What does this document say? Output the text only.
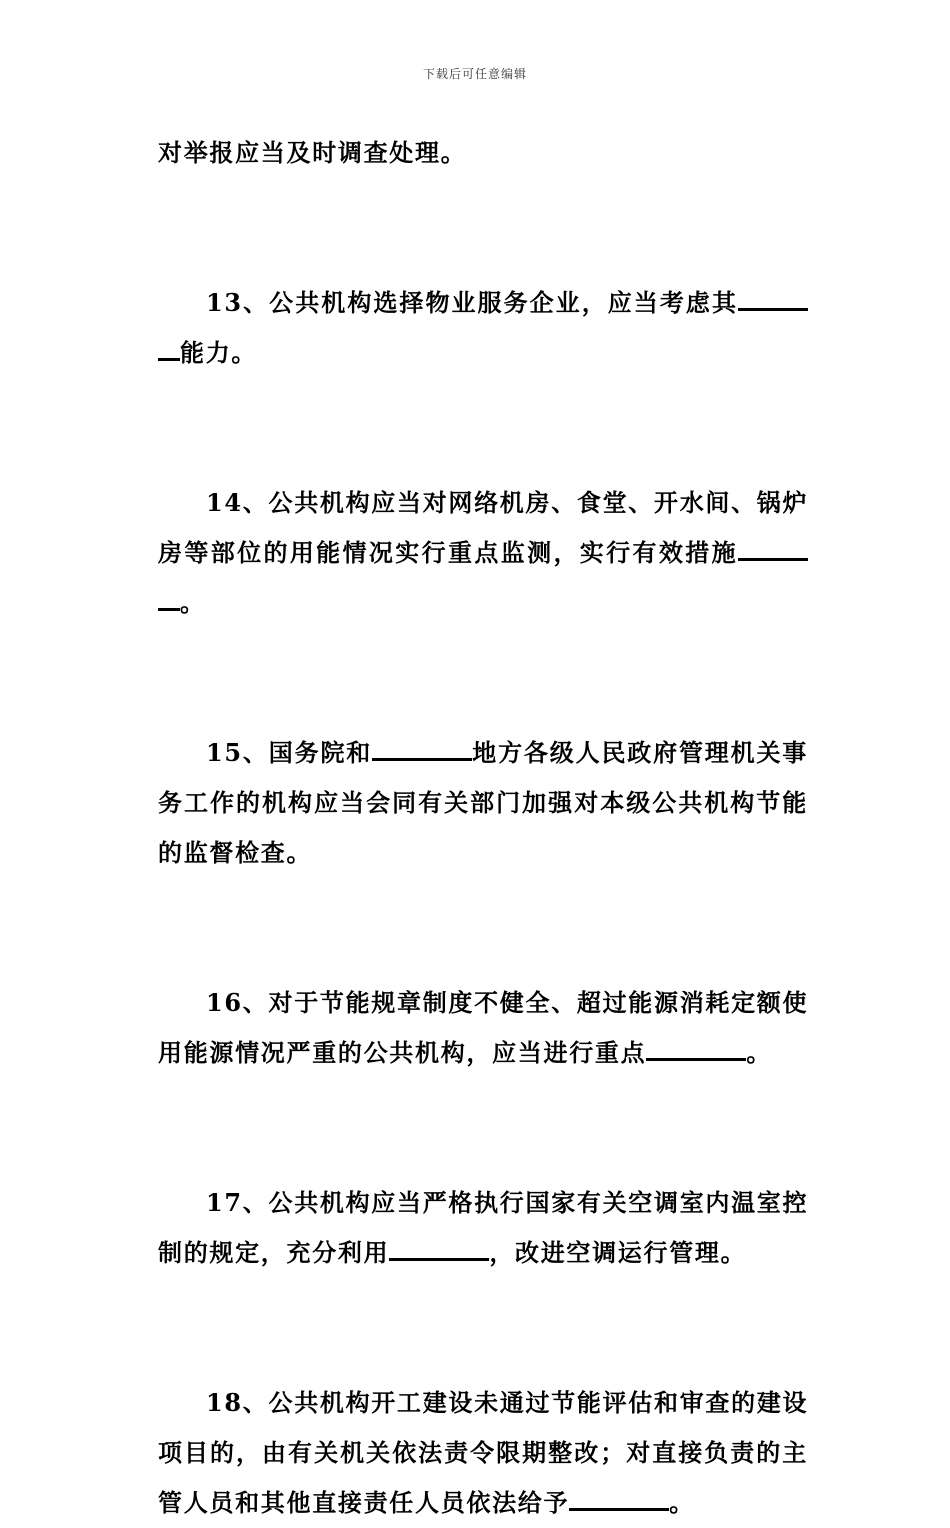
下载后可任意编辑
对举报应当及时调查处理。
13、公共机构选择物业服务企业，应当考虑其
能力。
14、公共机构应当对网络机房、食堂、开水间、锅炉
房等部位的用能情况实行重点监测，实行有效措施
。
15、国务院和	地方各级人民政府管理机关事
务工作的机构应当会同有关部门加强对本级公共机构节能
的监督检查。
16、对于节能规章制度不健全、超过能源消耗定额使
用能源情况严重的公共机构，应当进行重点	。
17、公共机构应当严格执行国家有关空调室内温室控
制的规定，充分利用	，改进空调运行管理。
18、公共机构开工建设未通过节能评估和审查的建设
项目的，由有关机关依法责令限期整改；对直接负责的主
管人员和其他直接责任人员依法给予	。
